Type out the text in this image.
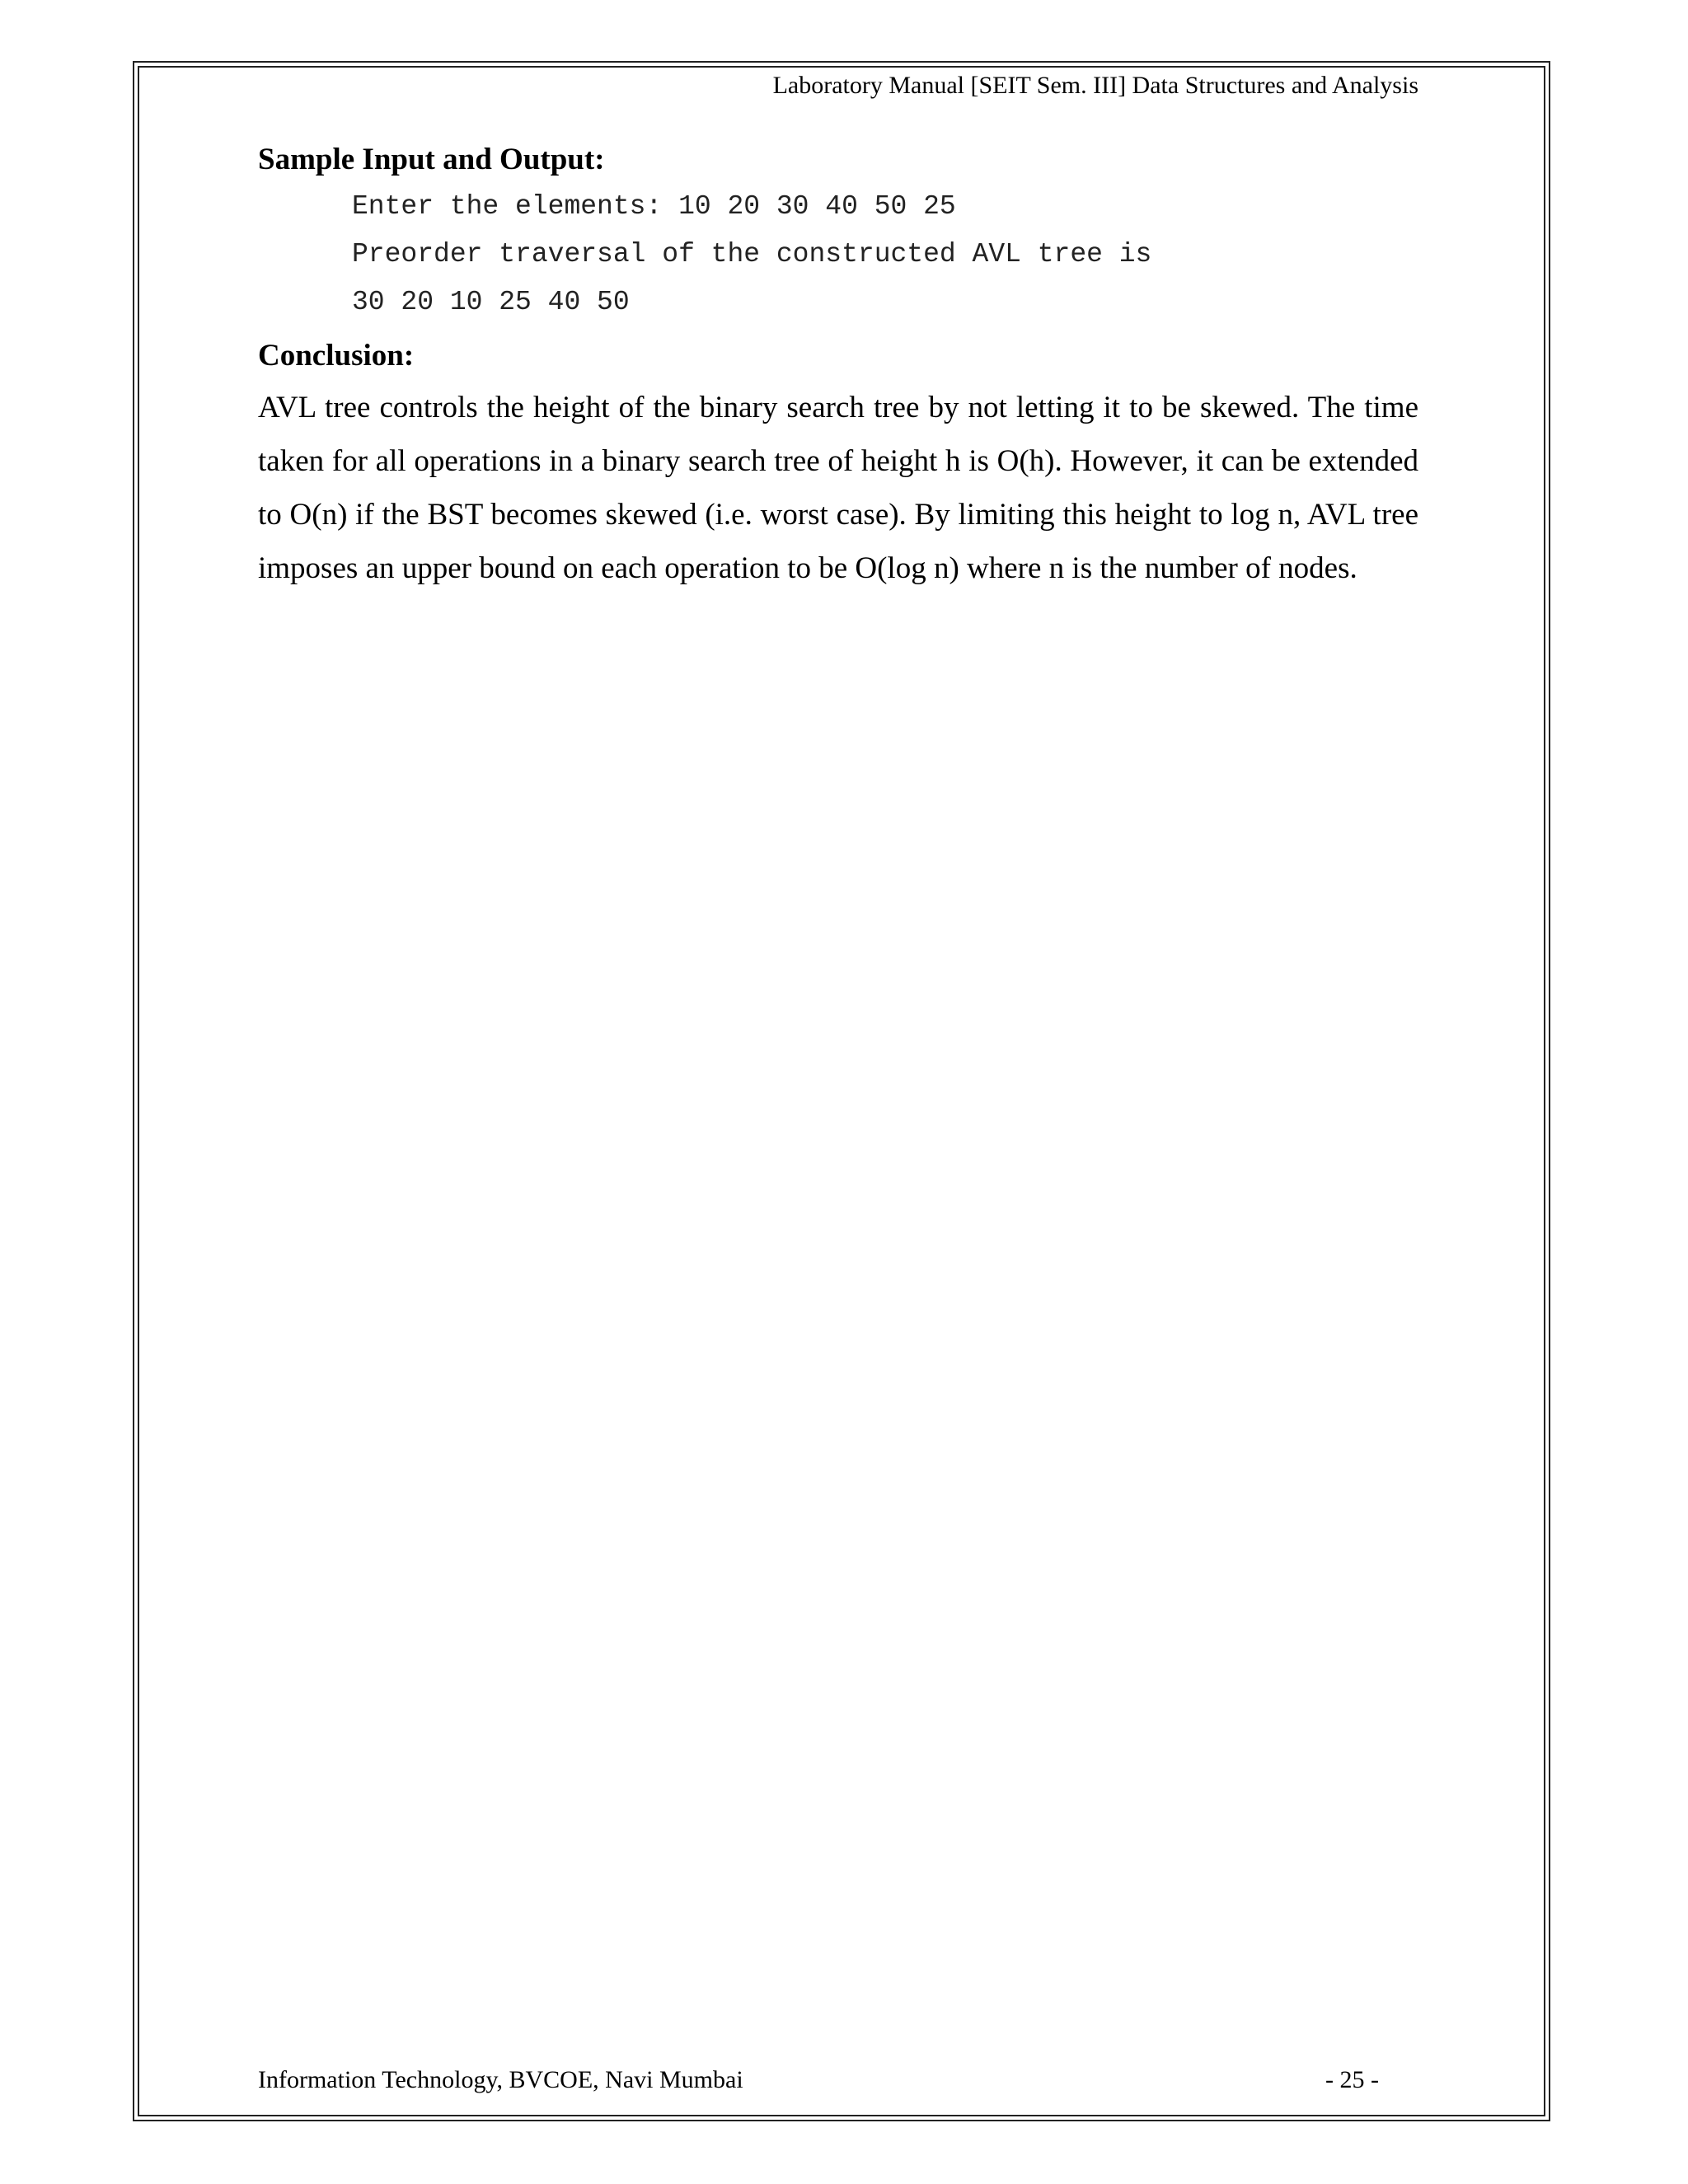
Laboratory Manual [SEIT Sem. III] Data Structures and Analysis

Sample Input and Output:

Enter the elements: 10 20 30 40 50 25
Preorder traversal of the constructed AVL tree is
30 20 10 25 40 50

Conclusion:

AVL tree controls the height of the binary search tree by not letting it to be skewed. The time taken for all operations in a binary search tree of height h is O(h). However, it can be extended to O(n) if the BST becomes skewed (i.e. worst case). By limiting this height to log n, AVL tree imposes an upper bound on each operation to be O(log n) where n is the number of nodes.

Information Technology, BVCOE, Navi Mumbai	- 25 -
